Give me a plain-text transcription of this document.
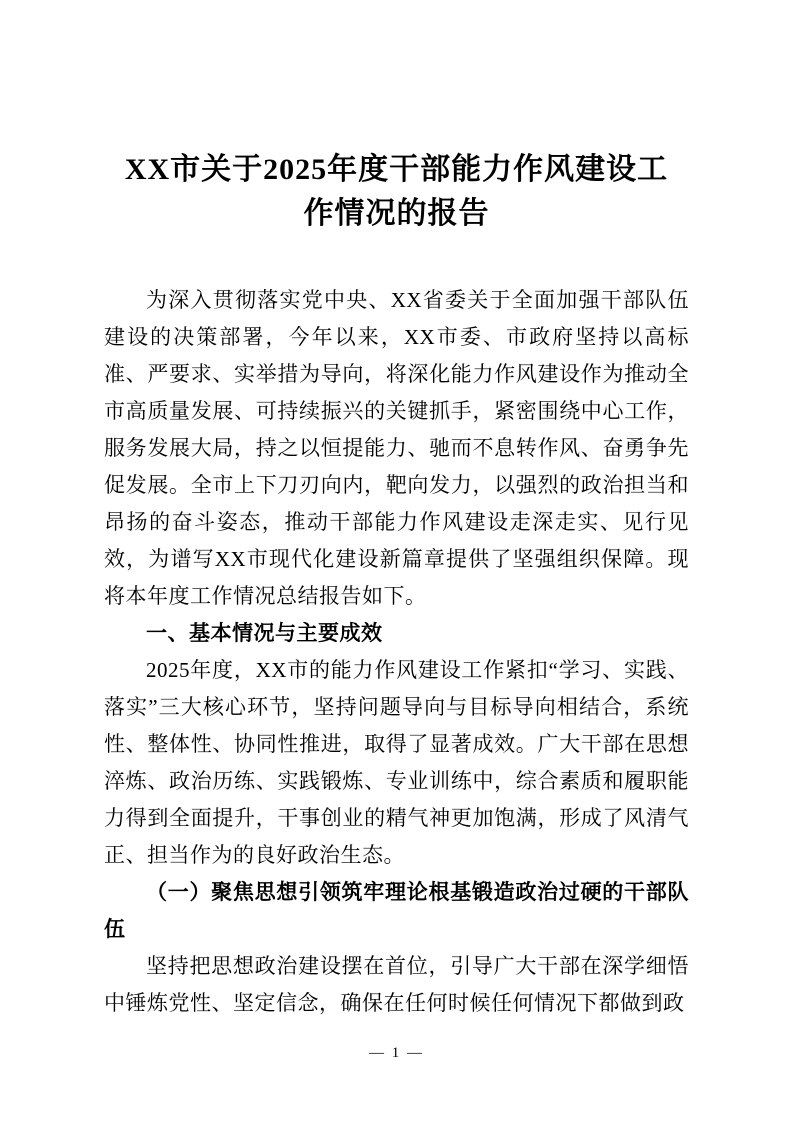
XX市关于2025年度干部能力作风建设工
作情况的报告

为深入贯彻落实党中央、XX省委关于全面加强干部队伍建设的决策部署，今年以来，XX市委、市政府坚持以高标准、严要求、实举措为导向，将深化能力作风建设作为推动全市高质量发展、可持续振兴的关键抓手，紧密围绕中心工作，服务发展大局，持之以恒提能力、驰而不息转作风、奋勇争先促发展。全市上下刀刃向内，靶向发力，以强烈的政治担当和昂扬的奋斗姿态，推动干部能力作风建设走深走实、见行见效，为谱写XX市现代化建设新篇章提供了坚强组织保障。现将本年度工作情况总结报告如下。

一、基本情况与主要成效

2025年度，XX市的能力作风建设工作紧扣“学习、实践、落实”三大核心环节，坚持问题导向与目标导向相结合，系统性、整体性、协同性推进，取得了显著成效。广大干部在思想淬炼、政治历练、实践锻炼、专业训练中，综合素质和履职能力得到全面提升，干事创业的精气神更加饱满，形成了风清气正、担当作为的良好政治生态。

（一）聚焦思想引领筑牢理论根基锻造政治过硬的干部队伍

坚持把思想政治建设摆在首位，引导广大干部在深学细悟中锤炼党性、坚定信念，确保在任何时候任何情况下都做到政

— 1 —
